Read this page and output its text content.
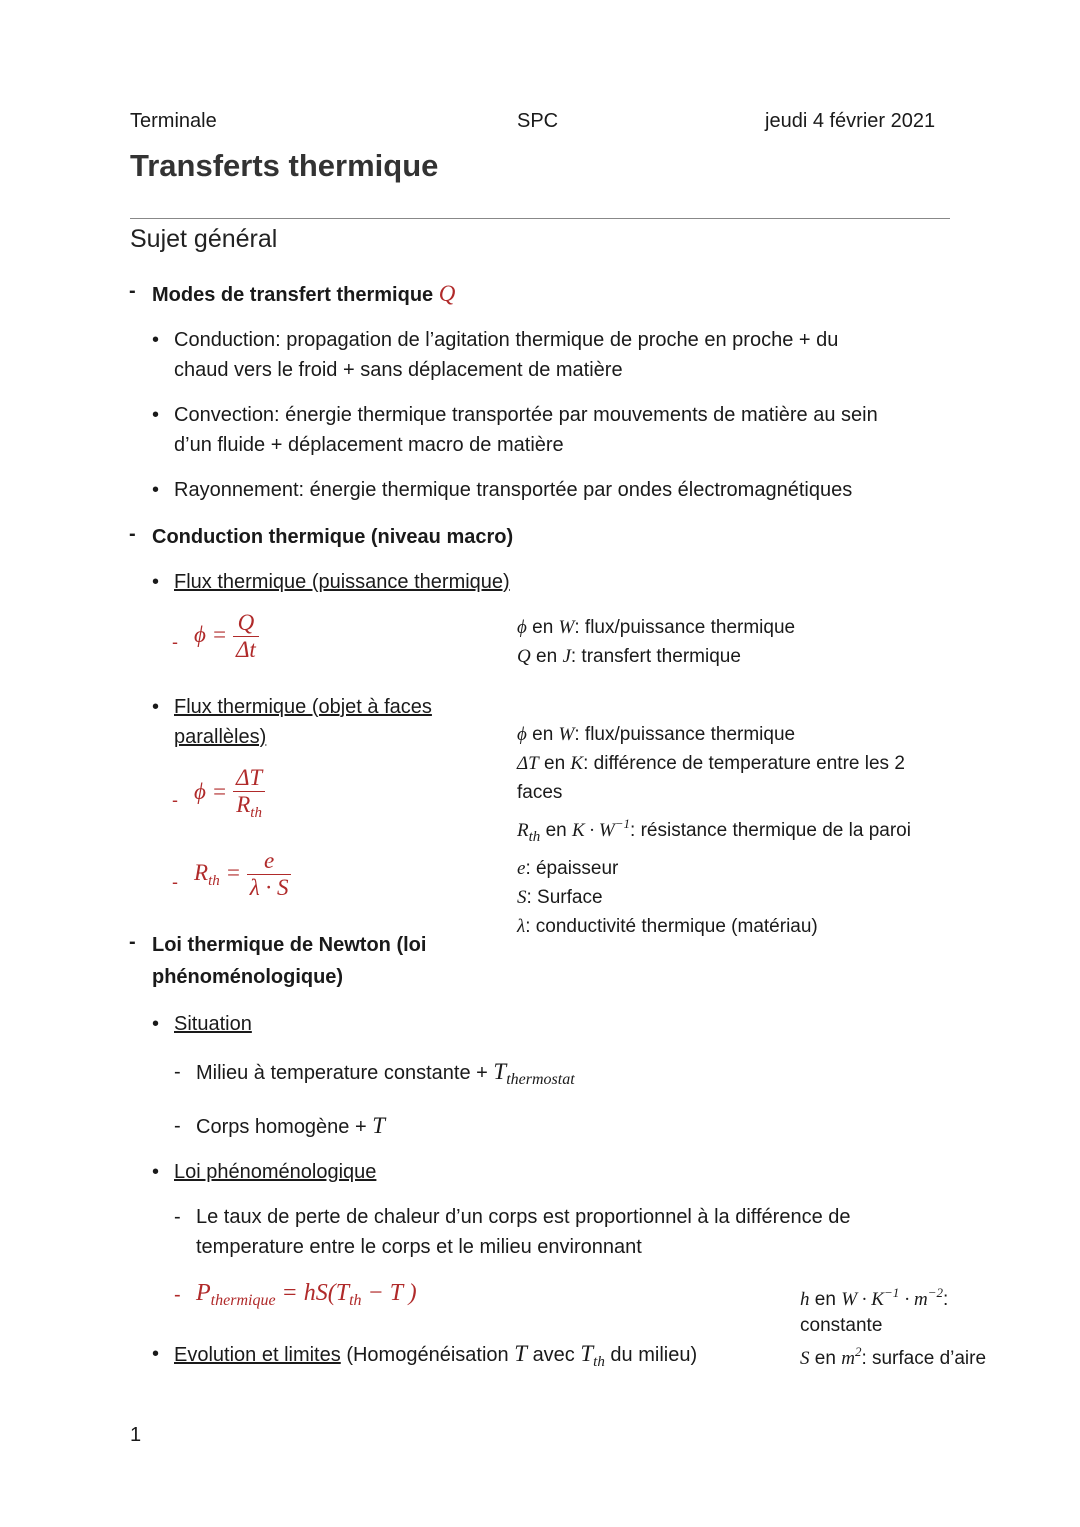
Terminale	SPC	jeudi 4 février 2021
Transferts thermique
Sujet général
- Modes de transfert thermique Q
• Conduction: propagation de l’agitation thermique de proche en proche + du
chaud vers le froid + sans déplacement de matière
• Convection: énergie thermique transportée par mouvements de matière au sein
d’un fluide + déplacement macro de matière
• Rayonnement: énergie thermique transportée par ondes électromagnétiques
- Conduction thermique (niveau macro)
• Flux thermique (puissance thermique)
- $\phi = \frac{Q}{\Delta t}$	ϕ en W: flux/puissance thermique
Q en J: transfert thermique
• Flux thermique (objet à faces
parallèles)
- $\phi = \frac{\Delta T}{R_{th}}$
- $R_{th} = \frac{e}{\lambda \cdot S}$
ϕ en W: flux/puissance thermique
ΔT en K: différence de temperature entre les 2
faces
$R_{th}$ en $K \cdot W^{-1}$: résistance thermique de la paroi
e: épaisseur
S: Surface
λ: conductivité thermique (matériau)
- Loi thermique de Newton (loi
phénoménologique)
• Situation
- Milieu à temperature constante + $T_{thermostat}$
- Corps homogène + T
• Loi phénoménologique
- Le taux de perte de chaleur d’un corps est proportionnel à la différence de
temperature entre le corps et le milieu environnant
- $P_{thermique} = hS(T_{th} - T$ )	h en $W \cdot K^{-1} \cdot m^{-2}$:
constante
S en $m^2$: surface d’aire
• Evolution et limites (Homogénéisation T avec $T_{th}$ du milieu)
1
